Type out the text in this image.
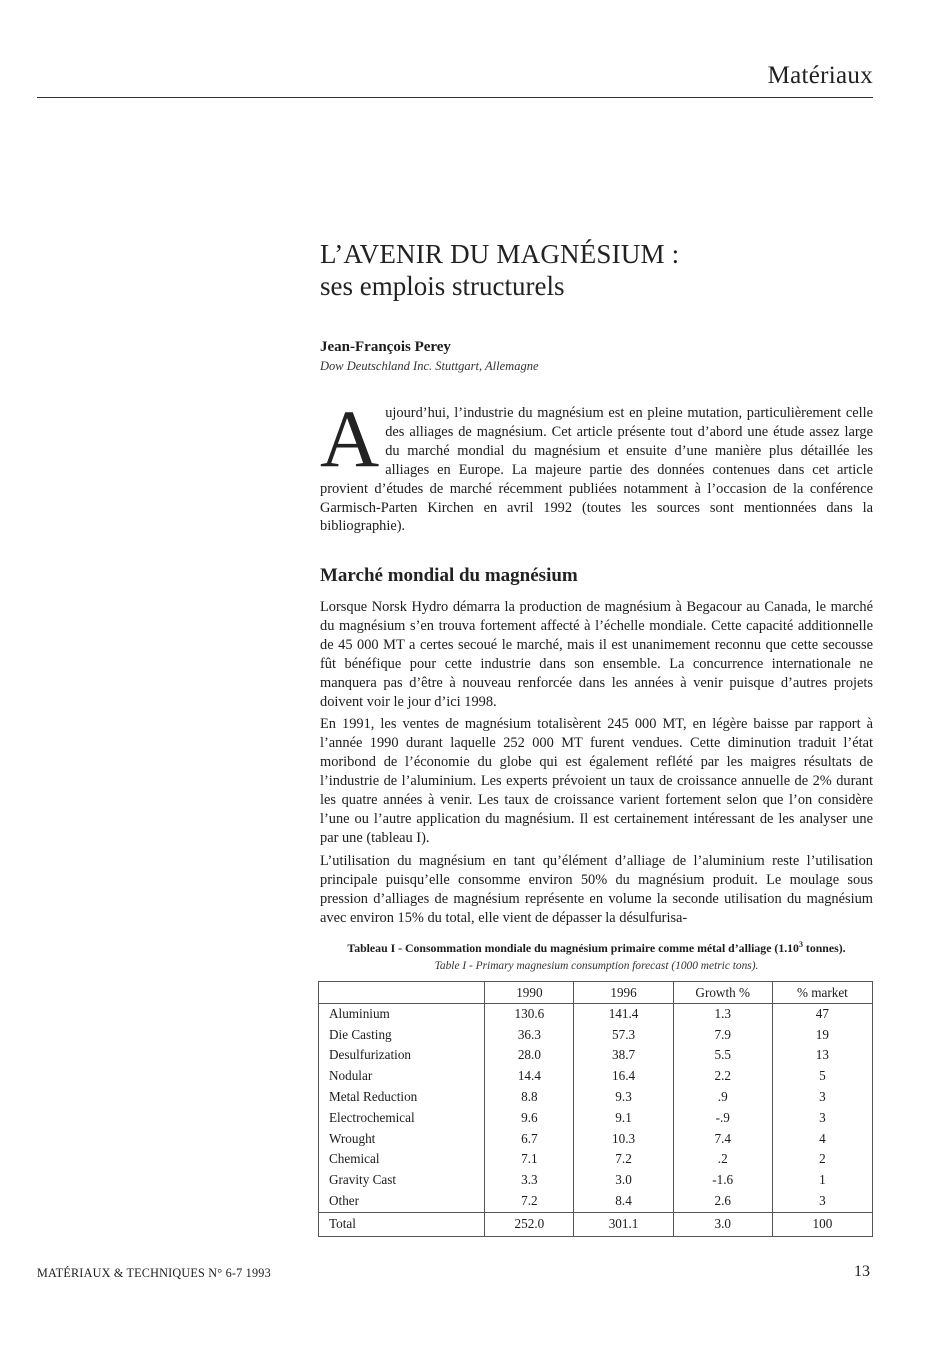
Matériaux
L’AVENIR DU MAGNÉSIUM :
ses emplois structurels
Jean-François Perey
Dow Deutschland Inc. Stuttgart, Allemagne
A ujourd’hui, l’industrie du magnésium est en pleine mutation, particulièrement celle des alliages de magnésium. Cet article présente tout d’abord une étude assez large du marché mondial du magnésium et ensuite d’une manière plus détaillée les alliages en Europe. La majeure partie des données contenues dans cet article provient d’études de marché récemment publiées notamment à l’occasion de la conférence Garmisch-Parten Kirchen en avril 1992 (toutes les sources sont mentionnées dans la bibliographie).
Marché mondial du magnésium

Lorsque Norsk Hydro démarra la production de magnésium à Begacour au Canada, le marché du magnésium s’en trouva fortement affecté à l’échelle mondiale. Cette capacité additionnelle de 45 000 MT a certes secoué le marché, mais il est unanimement reconnu que cette secousse fût bénéfique pour cette industrie dans son ensemble. La concurrence internationale ne manquera pas d’être à nouveau renforcée dans les années à venir puisque d’autres projets doivent voir le jour d’ici 1998.

En 1991, les ventes de magnésium totalisèrent 245 000 MT, en légère baisse par rapport à l’année 1990 durant laquelle 252 000 MT furent vendues. Cette diminution traduit l’état moribond de l’économie du globe qui est également reflété par les maigres résultats de l’industrie de l’aluminium. Les experts prévoient un taux de croissance annuelle de 2% durant les quatre années à venir. Les taux de croissance varient fortement selon que l’on considère l’une ou l’autre application du magnésium. Il est certainement intéressant de les analyser une par une (tableau I).

L’utilisation du magnésium en tant qu’élément d’alliage de l’aluminium reste l’utilisation principale puisqu’elle consomme environ 50% du magnésium produit. Le moulage sous pression d’alliages de magnésium représente en volume la seconde utilisation du magnésium avec environ 15% du total, elle vient de dépasser la désulfurisa-

Tableau I - Consommation mondiale du magnésium primaire comme métal d’alliage (1.10$^3$ tonnes).
Table I - Primary magnesium consumption forecast (1000 metric tons).
	1990	1996	Growth %	% market
Aluminium	130.6	141.4	1.3	47
Die Casting	36.3	57.3	7.9	19
Desulfurization	28.0	38.7	5.5	13
Nodular	14.4	16.4	2.2	5
Metal Reduction	8.8	9.3	.9	3
Electrochemical	9.6	9.1	-.9	3
Wrought	6.7	10.3	7.4	4
Chemical	7.1	7.2	.2	2
Gravity Cast	3.3	3.0	-1.6	1
Other	7.2	8.4	2.6	3
Total	252.0	301.1	3.0	100
MATÉRIAUX & TECHNIQUES N° 6-7 1993	13
